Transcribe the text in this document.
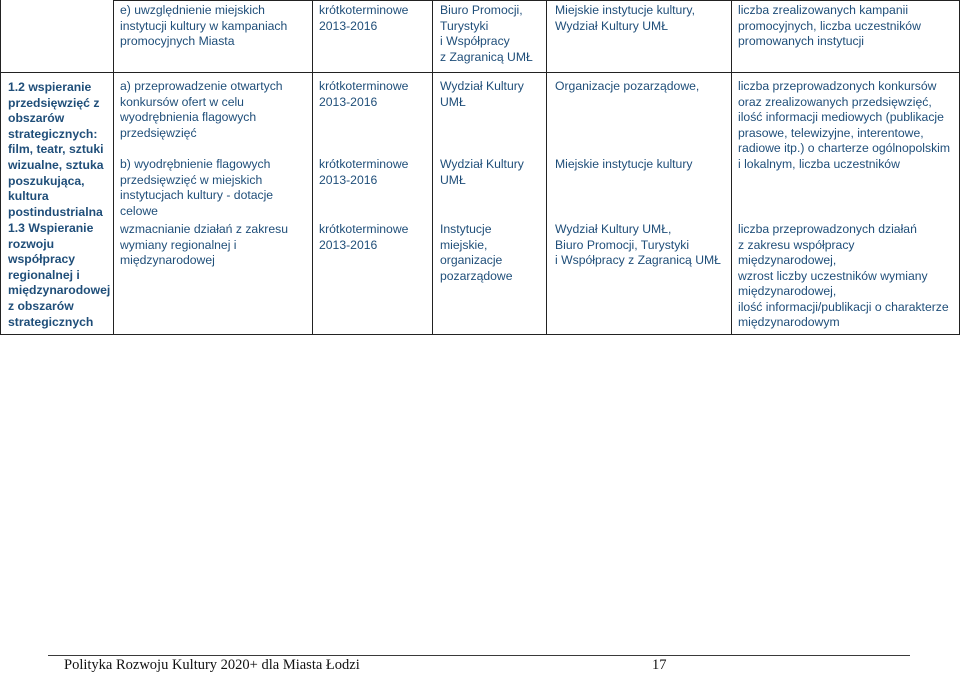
e) uwzględnienie miejskich instytucji kultury w kampaniach promocyjnych Miasta

krótkoterminowe

2013-2016

Biuro Promocji,

Turystyki

i Współpracy

z Zagranicą UMŁ

Miejskie instytucje kultury,

Wydział Kultury UMŁ

liczba zrealizowanych kampanii promocyjnych, liczba uczestników promowanych instytucji
1.2 wspieranie przedsięwzięć z obszarów strategicznych: film, teatr, sztuki wizualne, sztuka poszukująca, kultura postindustrialna
1.3 Wspieranie rozwoju współpracy regionalnej i międzynarodowej z obszarów strategicznych
a) przeprowadzenie otwartych konkursów ofert w celu wyodrębnienia flagowych przedsięwzięć
b) wyodrębnienie flagowych przedsięwzięć w miejskich instytucjach kultury - dotacje celowe
wzmacnianie działań z zakresu wymiany regionalnej i międzynarodowej

krótkoterminowe

2013-2016

krótkoterminowe

2013-2016

krótkoterminowe

2013-2016

Wydział Kultury

UMŁ

Wydział Kultury

UMŁ

Instytucje

miejskie,

organizacje

pozarządowe

Organizacje pozarządowe,

Miejskie instytucje kultury

Wydział Kultury UMŁ,

Biuro Promocji, Turystyki

i Współpracy z Zagranicą UMŁ

liczba przeprowadzonych konkursów oraz zrealizowanych przedsięwzięć, ilość informacji mediowych (publikacje prasowe, telewizyjne, interentowe, radiowe itp.) o charterze ogólnopolskim i lokalnym, liczba uczestników

liczba przeprowadzonych działań

z zakresu współpracy międzynarodowej,

wzrost liczby uczestników wymiany

międzynarodowej,

ilość informacji/publikacji o charakterze

międzynarodowym

Polityka Rozwoju Kultury 2020+ dla Miasta Łodzi	17
